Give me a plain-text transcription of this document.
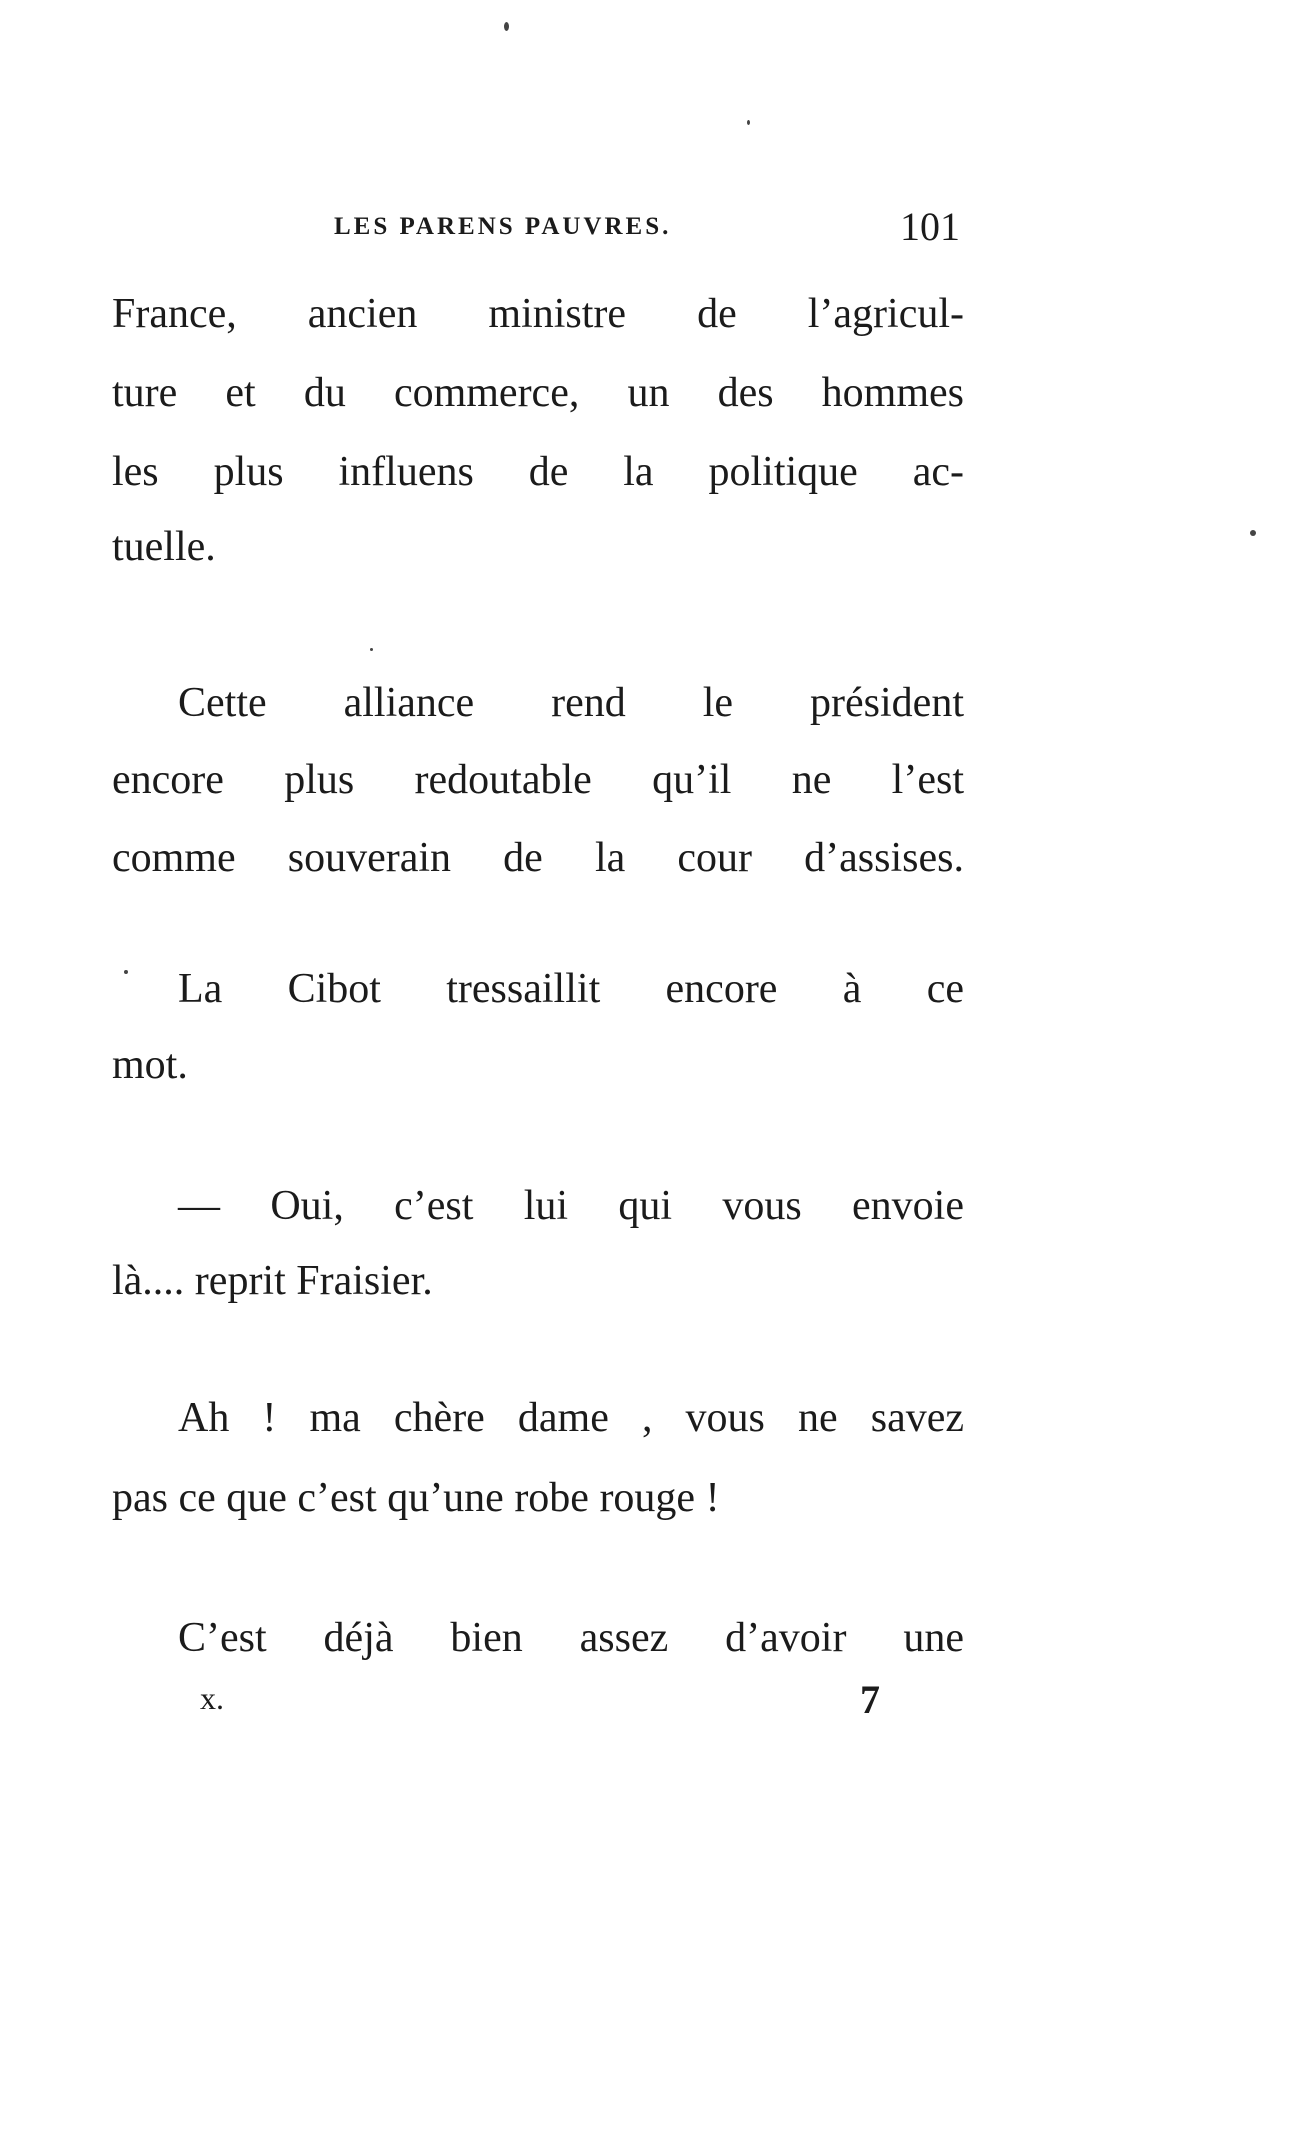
LES PARENS PAUVRES.	101
France, ancien ministre de l’agricul-
ture et du commerce, un des hommes
les plus influens de la politique ac-
tuelle.
Cette alliance rend le président
encore plus redoutable qu’il ne l’est
comme souverain de la cour d’assises.
La Cibot tressaillit encore à ce
mot.
— Oui, c’est lui qui vous envoie
là.... reprit Fraisier.
Ah ! ma chère dame , vous ne savez
pas ce que c’est qu’une robe rouge !
C’est déjà bien assez d’avoir une
x.	7
